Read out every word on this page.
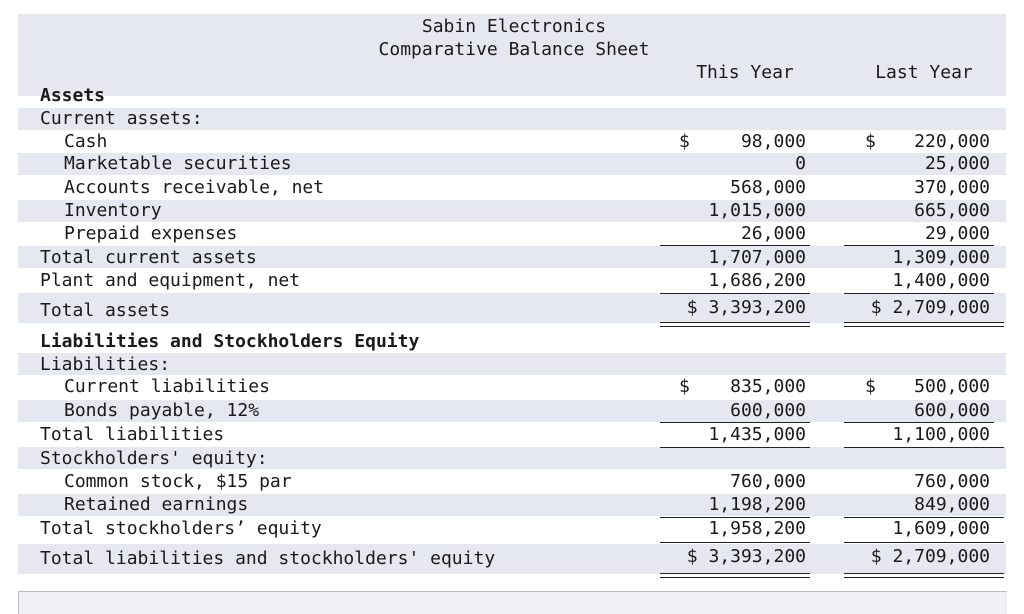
Sabin Electronics
Comparative Balance Sheet
This Year	Last Year
Assets
Current assets:
Cash	$	98,000	$	220,000
Marketable securities	0	25,000
Accounts receivable, net	568,000	370,000
Inventory	1,015,000	665,000
Prepaid expenses	26,000	29,000
Total current assets	1,707,000	1,309,000
Plant and equipment, net	1,686,200	1,400,000
Total assets	$ 3,393,200	$ 2,709,000
Liabilities and Stockholders Equity
Liabilities:
Current liabilities	$	835,000	$	500,000
Bonds payable, 12%	600,000	600,000
Total liabilities	1,435,000	1,100,000
Stockholders' equity:
Common stock, $15 par	760,000	760,000
Retained earnings	1,198,200	849,000
Total stockholders’ equity	1,958,200	1,609,000
Total liabilities and stockholders' equity	$ 3,393,200	$ 2,709,000
